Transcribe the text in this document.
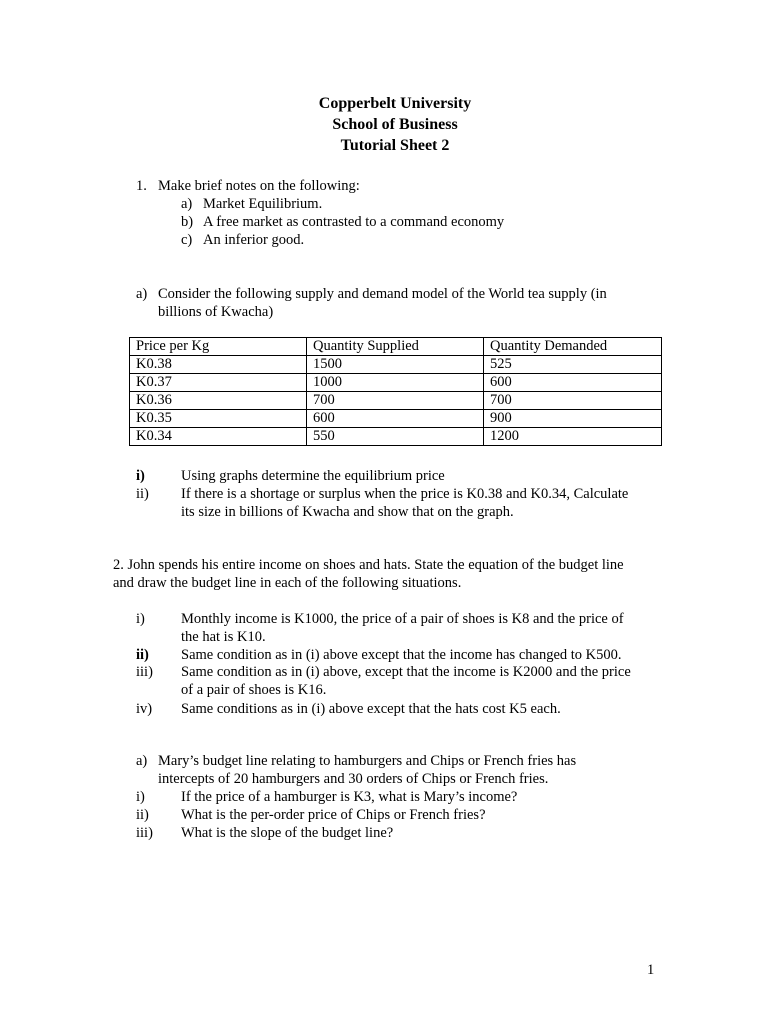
Copperbelt University
School of Business
Tutorial Sheet 2
1. Make brief notes on the following:
a) Market Equilibrium.
b) A free market as contrasted to a command economy
c) An inferior good.
a) Consider the following supply and demand model of the World tea supply (in
billions of Kwacha)
Price per Kg	Quantity Supplied	Quantity Demanded
K0.38	1500	525
K0.37	1000	600
K0.36	700	700
K0.35	600	900
K0.34	550	1200
i) Using graphs determine the equilibrium price
ii) If there is a shortage or surplus when the price is K0.38 and K0.34, Calculate
its size in billions of Kwacha and show that on the graph.
2. John spends his entire income on shoes and hats. State the equation of the budget line
and draw the budget line in each of the following situations.
i) Monthly income is K1000, the price of a pair of shoes is K8 and the price of
the hat is K10.
ii) Same condition as in (i) above except that the income has changed to K500.
iii) Same condition as in (i) above, except that the income is K2000 and the price
of a pair of shoes is K16.
iv) Same conditions as in (i) above except that the hats cost K5 each.
a) Mary’s budget line relating to hamburgers and Chips or French fries has
intercepts of 20 hamburgers and 30 orders of Chips or French fries.
i) If the price of a hamburger is K3, what is Mary’s income?
ii) What is the per-order price of Chips or French fries?
iii) What is the slope of the budget line?
1
